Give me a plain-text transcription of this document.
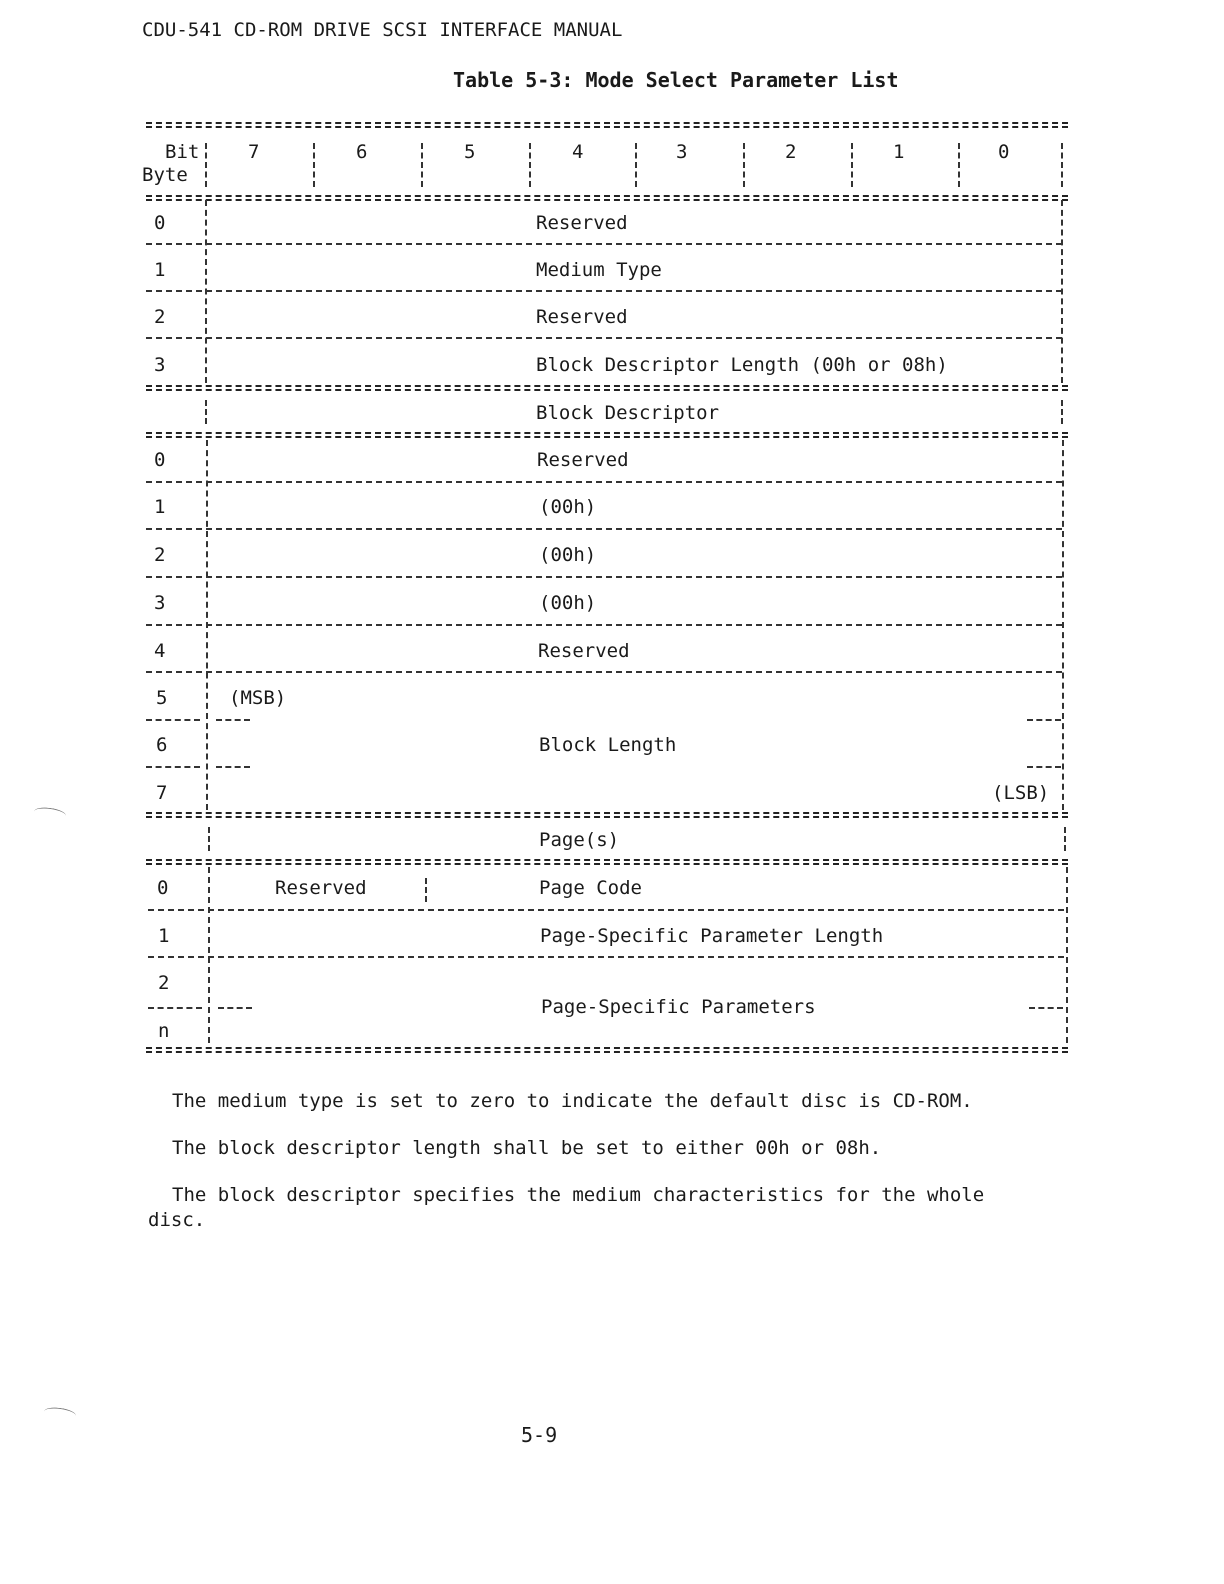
CDU-541 CD-ROM DRIVE SCSI INTERFACE MANUAL
Table 5-3: Mode Select Parameter List
Bit
Byte
7	6	5	4	3	2	1	0
0	Reserved
1	Medium Type
2	Reserved
3	Block Descriptor Length (00h or 08h)
Block Descriptor
0	Reserved
1	(00h)
2	(00h)
3	(00h)
4	Reserved
5	(MSB)
6	Block Length
7	(LSB)
Page(s)
0	Reserved	Page Code
1	Page-Specific Parameter Length
2
Page-Specific Parameters
n
The medium type is set to zero to indicate the default disc is CD-ROM.
The block descriptor length shall be set to either 00h or 08h.
The block descriptor specifies the medium characteristics for the whole disc.
5-9
